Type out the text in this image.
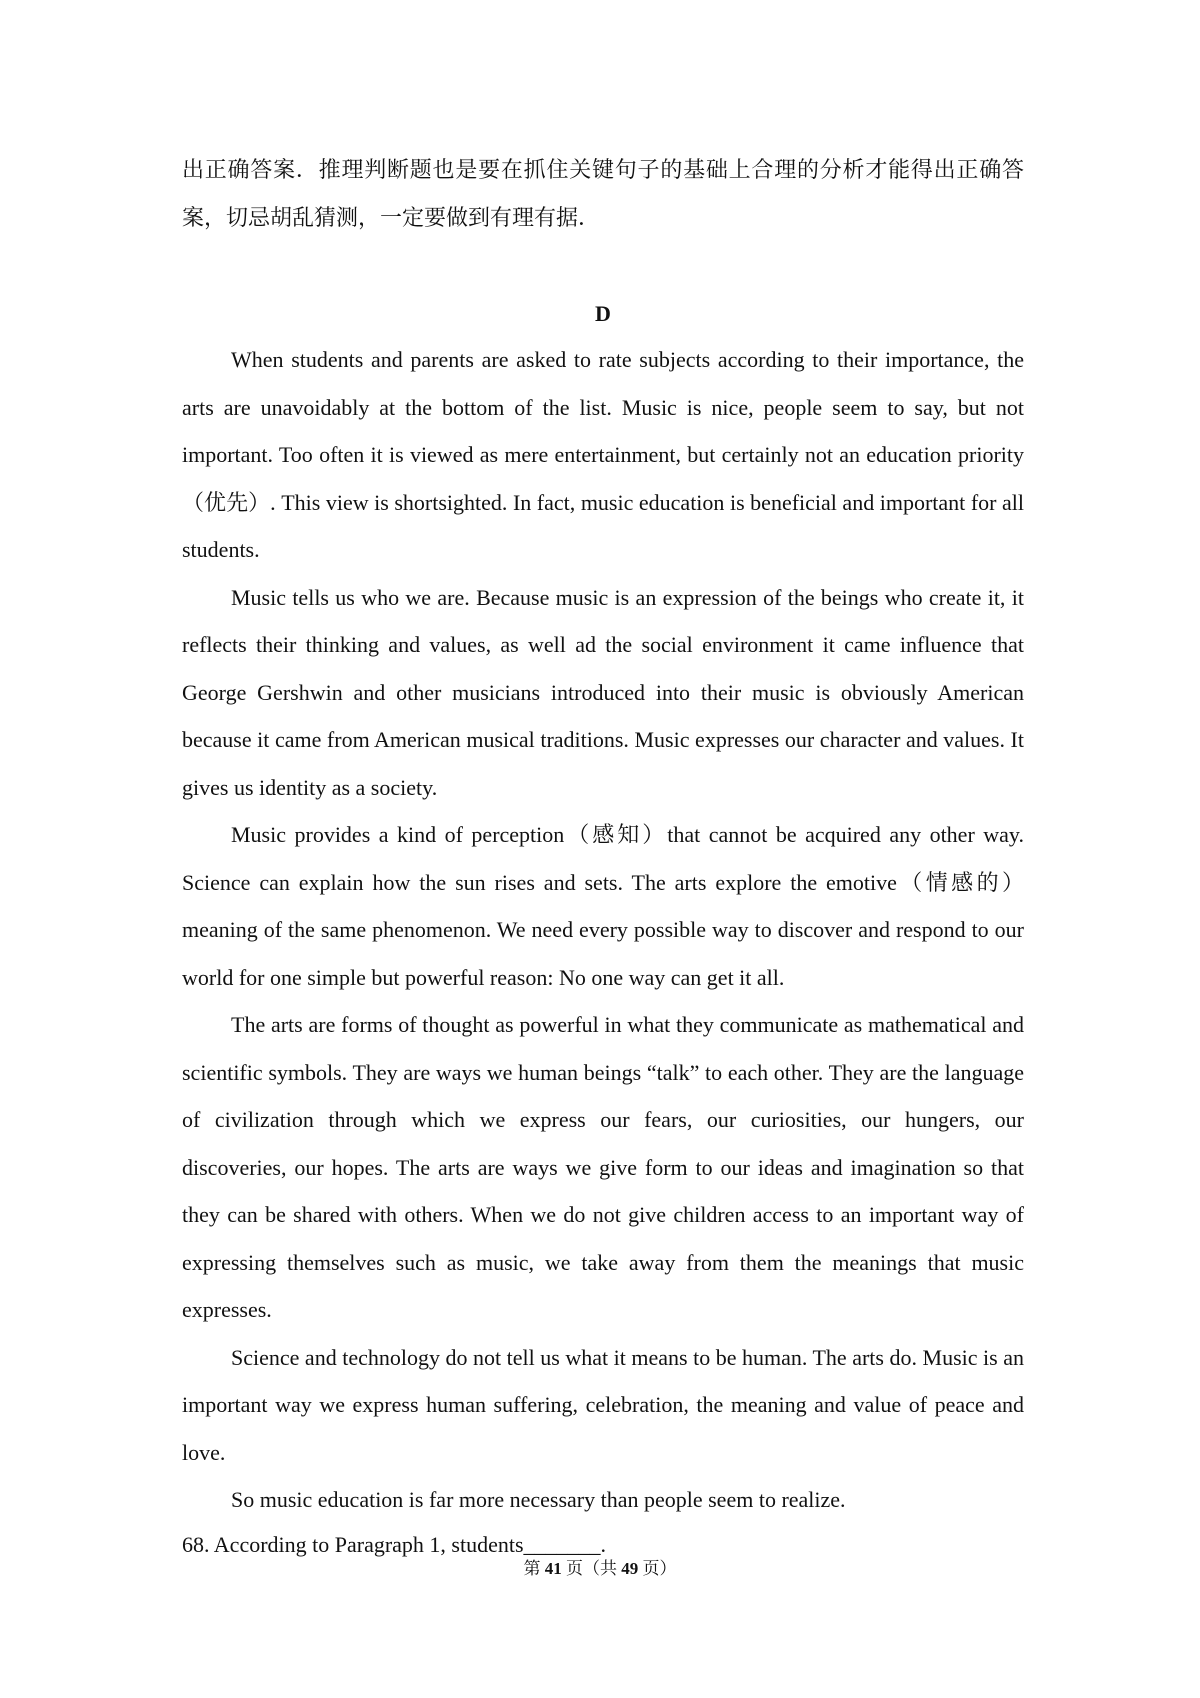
出正确答案．推理判断题也是要在抓住关键句子的基础上合理的分析才能得出正确答案，切忌胡乱猜测，一定要做到有理有据．
D

When students and parents are asked to rate subjects according to their importance, the arts are unavoidably at the bottom of the list. Music is nice, people seem to say, but not important. Too often it is viewed as mere entertainment, but certainly not an education priority（优先）. This view is shortsighted. In fact, music education is beneficial and important for all students.

Music tells us who we are. Because music is an expression of the beings who create it, it reflects their thinking and values, as well ad the social environment it came influence that George Gershwin and other musicians introduced into their music is obviously American because it came from American musical traditions. Music expresses our character and values. It gives us identity as a society.

Music provides a kind of perception（感知）that cannot be acquired any other way. Science can explain how the sun rises and sets. The arts explore the emotive（情感的）meaning of the same phenomenon. We need every possible way to discover and respond to our world for one simple but powerful reason: No one way can get it all.

The arts are forms of thought as powerful in what they communicate as mathematical and scientific symbols. They are ways we human beings “talk” to each other. They are the language of civilization through which we express our fears, our curiosities, our hungers, our discoveries, our hopes. The arts are ways we give form to our ideas and imagination so that they can be shared with others. When we do not give children access to an important way of expressing themselves such as music, we take away from them the meanings that music expresses.

Science and technology do not tell us what it means to be human. The arts do. Music is an important way we express human suffering, celebration, the meaning and value of peace and love.

So music education is far more necessary than people seem to realize.

68. According to Paragraph 1, students_______.
第 41 页（共 49 页）
